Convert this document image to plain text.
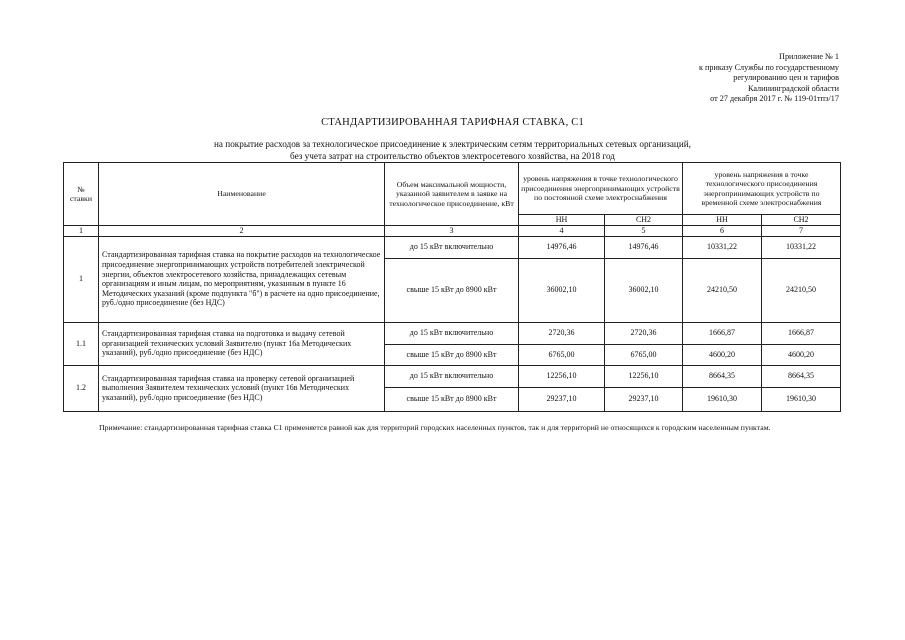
Приложение № 1
к приказу Службы по государственному
регулированию цен и тарифов
Калининградской области
от 27 декабря 2017 г. № 119-01тпэ/17
СТАНДАРТИЗИРОВАННАЯ ТАРИФНАЯ СТАВКА, С1
на покрытие расходов за технологическое присоединение к электрическим сетям территориальных сетевых организаций,
без учета затрат на строительство объектов электросетевого хозяйства, на 2018 год
№ ставки	Наименование	Объем максимальной мощности, указанной заявителем в заявке на технологическое присоединение, кВт	уровень напряжения в точке технологического присоединения энергопринимающих устройств по постоянной схеме электроснабжения		уровень напряжения в точке технологического присоединения энергопринимающих устройств по временной схеме электроснабжения	
			НН	СН2	НН	СН2
1	2	3	4	5	6	7
1	Стандартизированная тарифная ставка на покрытие расходов на технологическое присоединение энергопринимающих устройств потребителей электрической энергии, объектов электросетевого хозяйства, принадлежащих сетевым организациям и иным лицам, по мероприятиям, указанным в пункте 16 Методических указаний (кроме подпункта "б") в расчете на одно присоединение, руб./одно присоединение (без НДС)	до 15 кВт включительно	14976,46	14976,46	10331,22	10331,22
		свыше 15 кВт до 8900 кВт	36002,10	36002,10	24210,50	24210,50
1.1	Стандартизированная тарифная ставка на подготовка и выдачу сетевой организацией технических условий Заявителю (пункт 16а Методических указаний), руб./одно присоединение (без НДС)	до 15 кВт включительно	2720,36	2720,36	1666,87	1666,87
		свыше 15 кВт до 8900 кВт	6765,00	6765,00	4600,20	4600,20
1.2	Стандартизированная тарифная ставка на проверку сетевой организацией выполнения Заявителем технических условий (пункт 16в Методических указаний), руб./одно присоединение (без НДС)	до 15 кВт включительно	12256,10	12256,10	8664,35	8664,35
		свыше 15 кВт до 8900 кВт	29237,10	29237,10	19610,30	19610,30
Примечание: стандартизированная тарифная ставка С1 применяется равной как для территорий городских населенных пунктов, так и для территорий не относящихся к городским населенным пунктам.
